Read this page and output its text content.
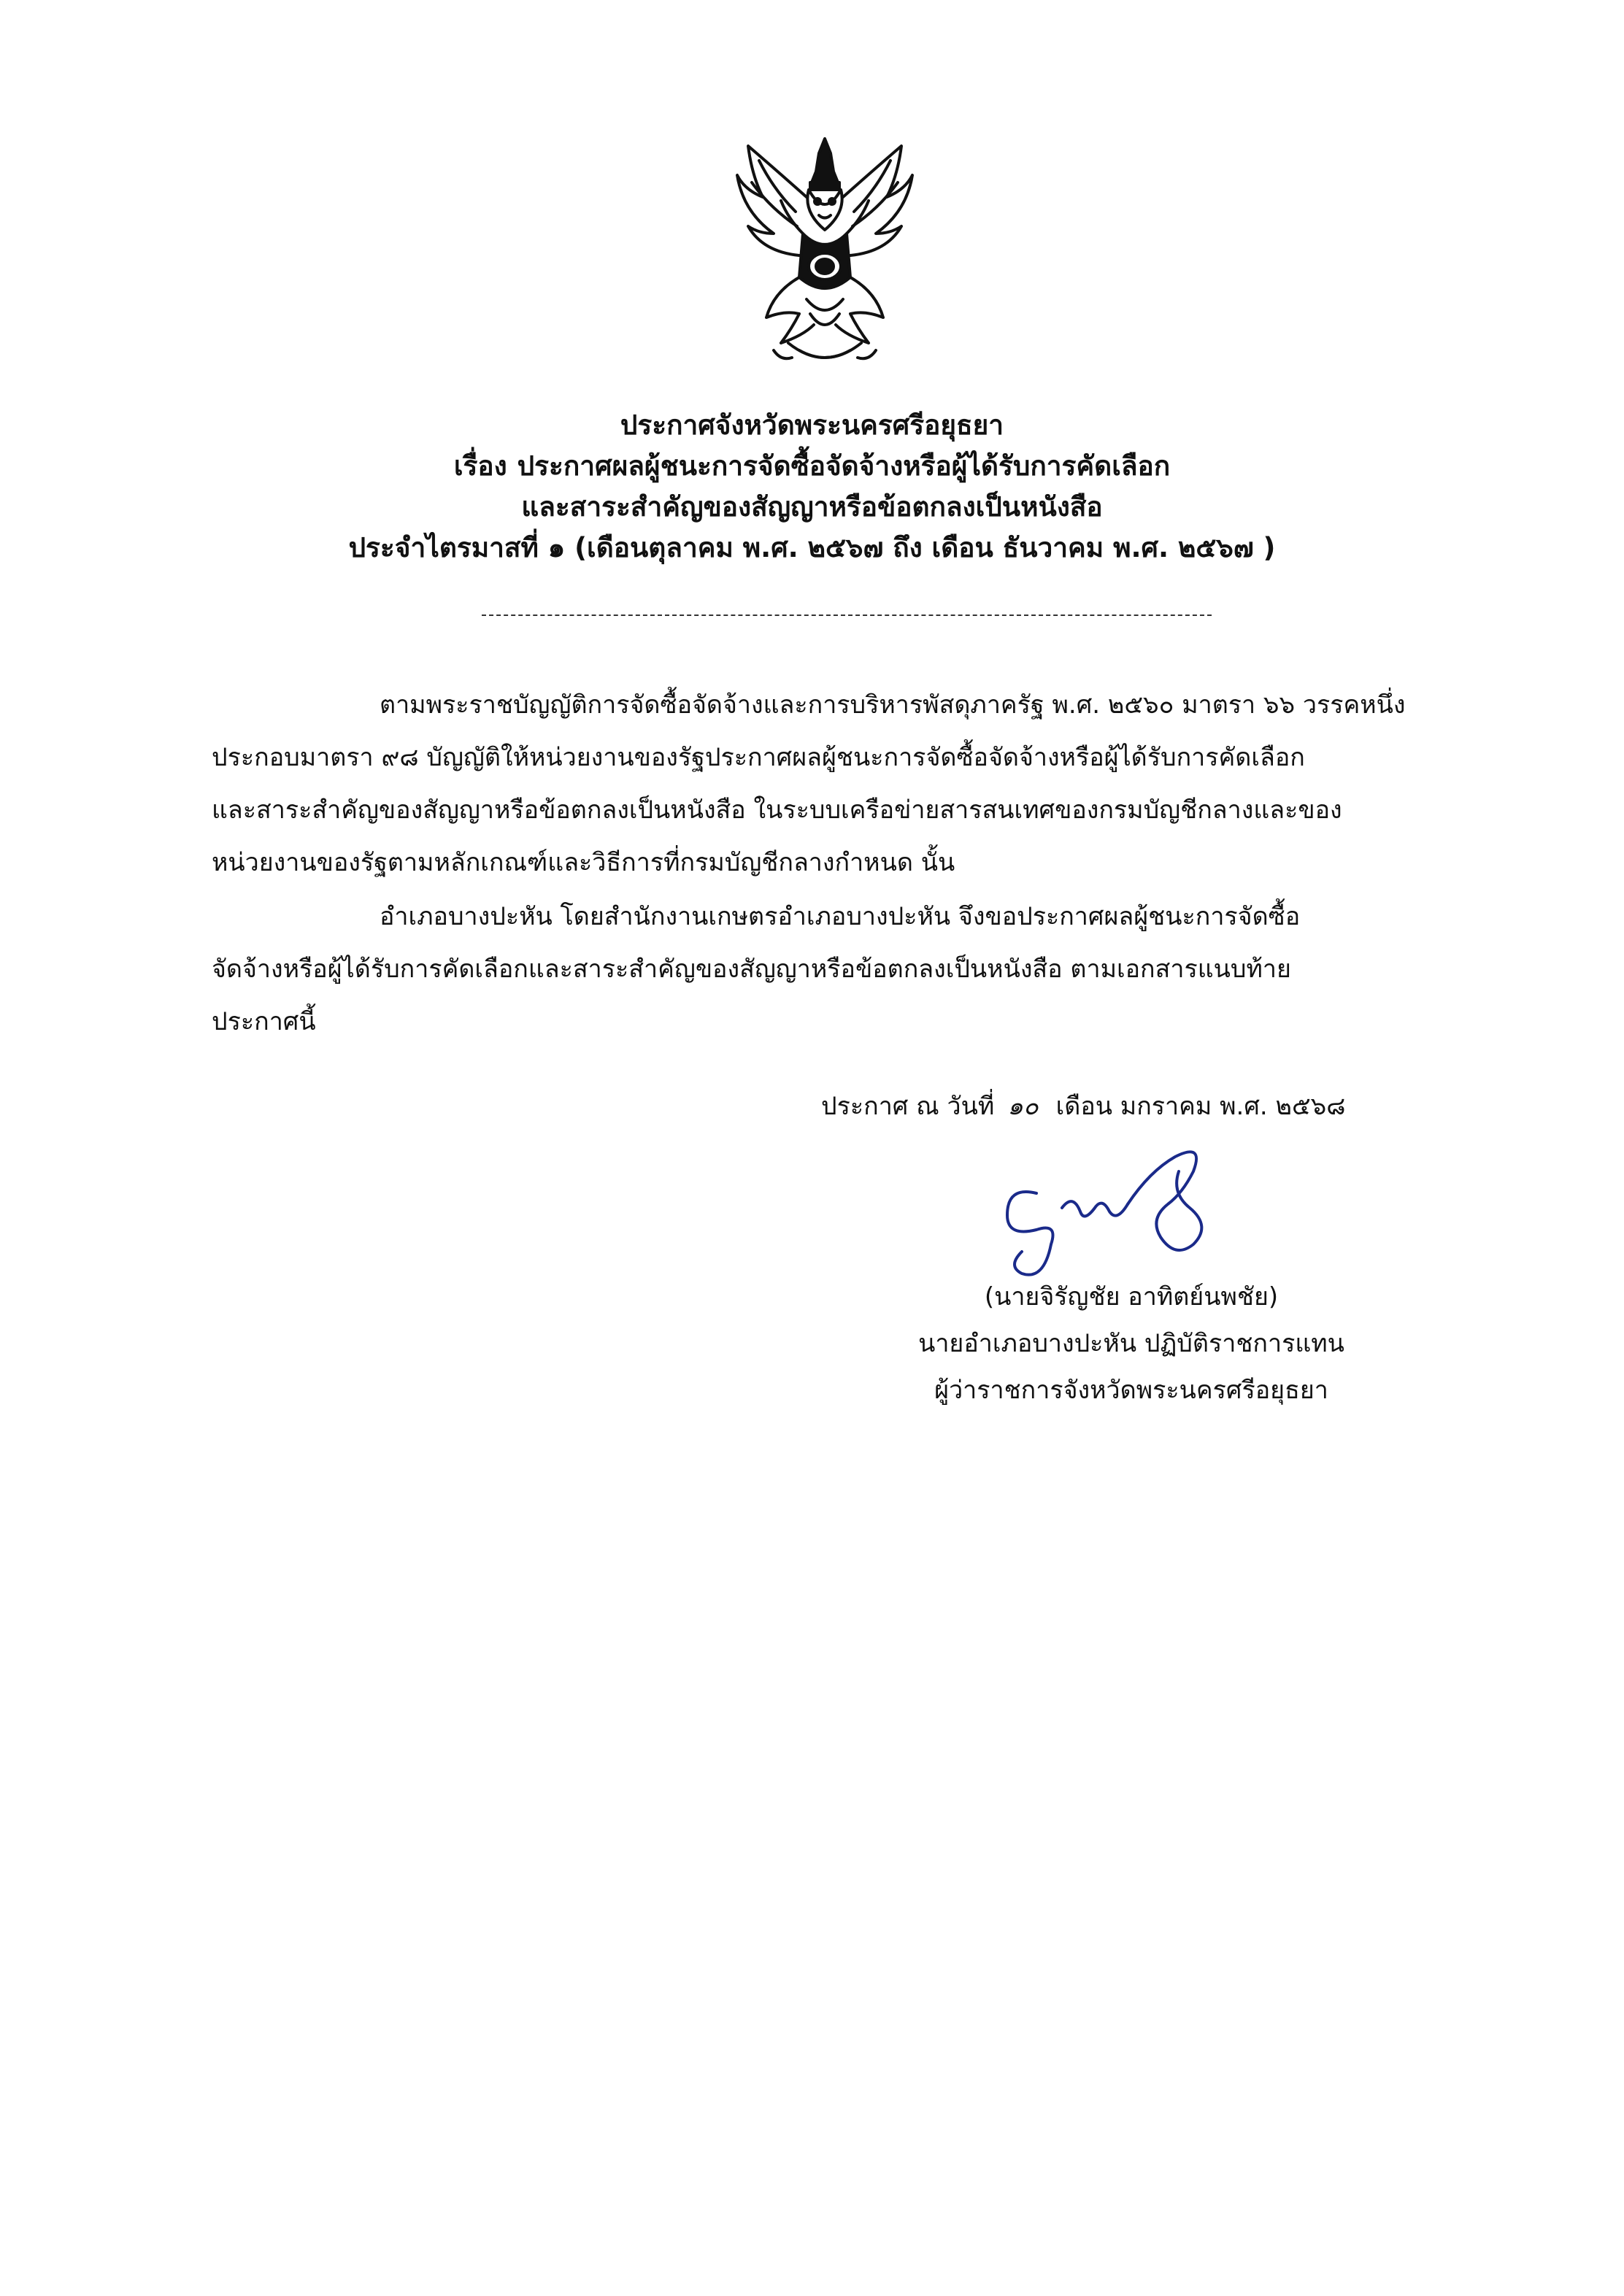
ประกาศจังหวัดพระนครศรีอยุธยา
เรื่อง ประกาศผลผู้ชนะการจัดซื้อจัดจ้างหรือผู้ได้รับการคัดเลือก
และสาระสำคัญของสัญญาหรือข้อตกลงเป็นหนังสือ
ประจำไตรมาสที่ ๑ (เดือนตุลาคม พ.ศ. ๒๕๖๗ ถึง เดือน ธันวาคม พ.ศ. ๒๕๖๗ )
ตามพระราชบัญญัติการจัดซื้อจัดจ้างและการบริหารพัสดุภาครัฐ พ.ศ. ๒๕๖๐ มาตรา ๖๖ วรรคหนึ่ง
ประกอบมาตรา ๙๘ บัญญัติให้หน่วยงานของรัฐประกาศผลผู้ชนะการจัดซื้อจัดจ้างหรือผู้ได้รับการคัดเลือก
และสาระสำคัญของสัญญาหรือข้อตกลงเป็นหนังสือ ในระบบเครือข่ายสารสนเทศของกรมบัญชีกลางและของ
หน่วยงานของรัฐตามหลักเกณฑ์และวิธีการที่กรมบัญชีกลางกำหนด นั้น
อำเภอบางปะหัน โดยสำนักงานเกษตรอำเภอบางปะหัน จึงขอประกาศผลผู้ชนะการจัดซื้อ
จัดจ้างหรือผู้ได้รับการคัดเลือกและสาระสำคัญของสัญญาหรือข้อตกลงเป็นหนังสือ ตามเอกสารแนบท้าย
ประกาศนี้
ประกาศ ณ วันที่ ๑๐ เดือน มกราคม พ.ศ. ๒๕๖๘
(นายจิรัญชัย อาทิตย์นพชัย)
นายอำเภอบางปะหัน ปฏิบัติราชการแทน
ผู้ว่าราชการจังหวัดพระนครศรีอยุธยา
